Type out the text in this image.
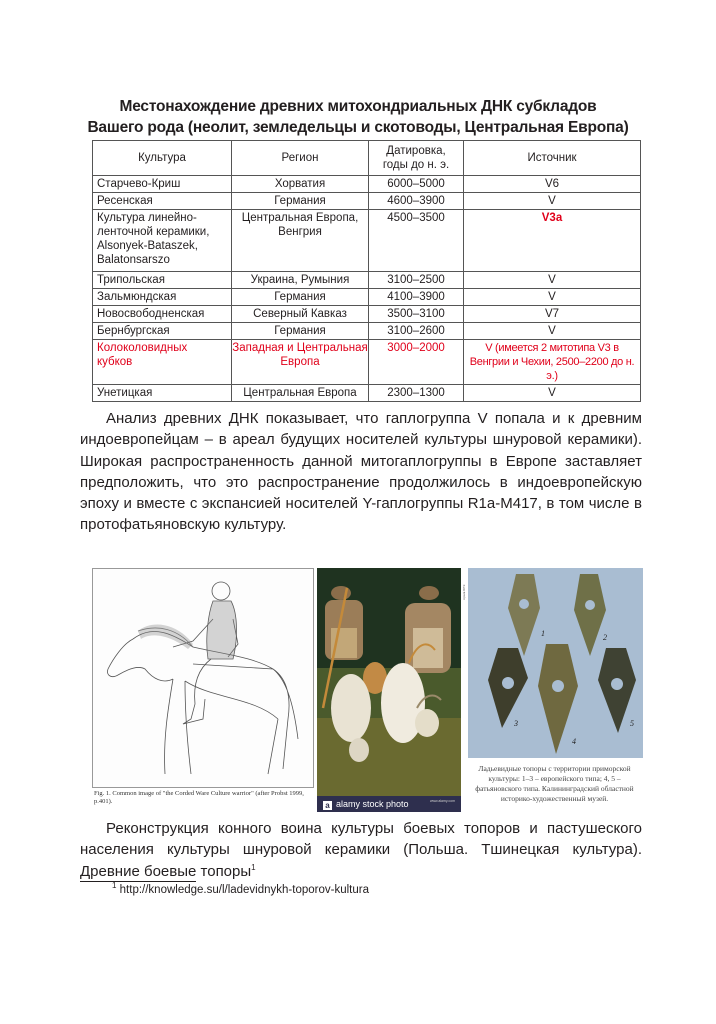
Местонахождение древних митохондриальных ДНК субкладов
Вашего рода (неолит, земледельцы и скотоводы, Центральная Европа)
Культура	Регион	Датировка, годы до н. э.	Источник
Старчево-Криш	Хорватия	6000–5000	V6
Ресенская	Германия	4600–3900	V
Культура линейно-ленточной керамики, Alsonyek-Bataszek, Balatonsarszo	Центральная Европа, Венгрия	4500–3500	V3a
Трипольская	Украина, Румыния	3100–2500	V
Зальмюндская	Германия	4100–3900	V
Новосвободненская	Северный Кавказ	3500–3100	V7
Бернбургская	Германия	3100–2600	V
Колоколовидных кубков	Западная и Центральная Европа	3000–2000	V (имеется 2 митотипа V3 в Венгрии и Чехии, 2500–2200 до н. э.)
Унетицкая	Центральная Европа	2300–1300	V

Анализ древних ДНК показывает, что гаплогруппа V попала и к древним индоевропейцам – в ареал будущих носителей культуры шнуровой керамики). Широкая распространенность данной митогаплогруппы в Европе заставляет предположить, что это распространение продолжилось в индоевропейскую эпоху и вместе с экспансией носителей Y-гаплогруппы R1a-M417, в том числе в протофатьяновскую культуру.

Fig. 1. Common image of "the Corded Ware Culture warrior" (after Probst 1999, p.401).	a alamy stock photo	www.alamy.com
Архив БРЭ
1	2
3
4
5
Ладьевидные топоры с территории приморской культуры: 1–3 – европейского типа; 4, 5 – фатьяновского типа. Калининградский областной историко-художественный музей.

Реконструкция конного воина культуры боевых топоров и пастушеского населения культуры шнуровой керамики (Польша. Тшинецкая культура). Древние боевые топоры$^1$

$^1$ http://knowledge.su/l/ladevidnykh-toporov-kultura
